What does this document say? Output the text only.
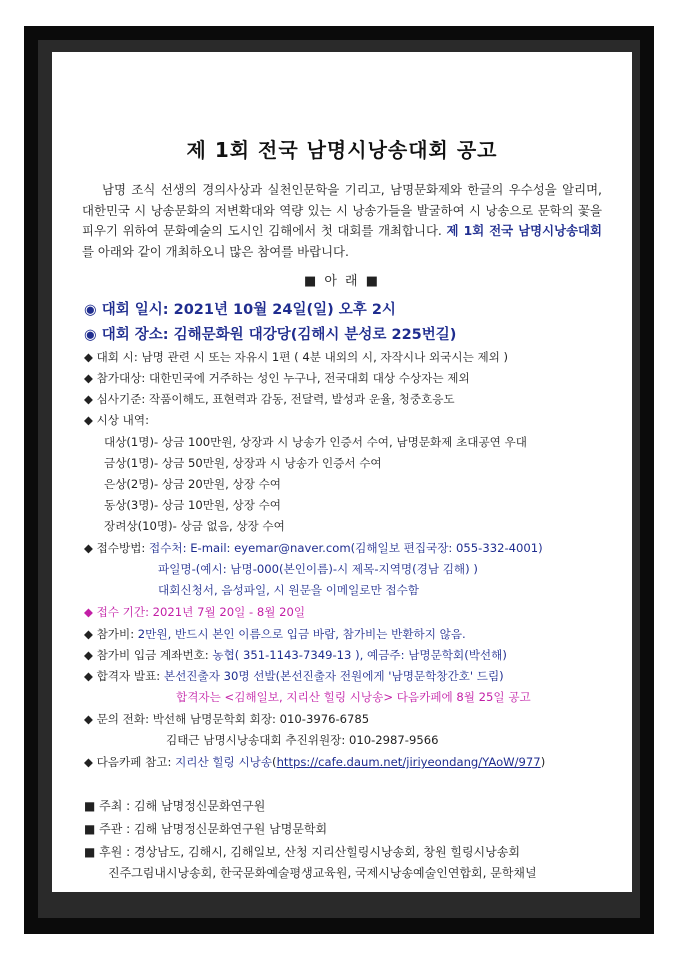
제 1회 전국 남명시낭송대회 공고
남명 조식 선생의 경의사상과 실천인문학을 기리고, 남명문화제와 한글의 우수성을 알리며, 대한민국 시 낭송문화의 저변확대와 역량 있는 시 낭송가들을 발굴하여 시 낭송으로 문학의 꽃을 피우기 위하여 문화예술의 도시인 김해에서 첫 대회를 개최합니다. 제 1회 전국 남명시낭송대회를 아래와 같이 개최하오니 많은 참여를 바랍니다.
■ 아 래 ■
◉ 대회 일시: 2021년 10월 24일(일) 오후 2시
◉ 대회 장소: 김해문화원 대강당(김해시 분성로 225번길)
◆ 대회 시: 남명 관련 시 또는 자유시 1편 ( 4분 내외의 시, 자작시나 외국시는 제외 )
◆ 참가대상: 대한민국에 거주하는 성인 누구나, 전국대회 대상 수상자는 제외
◆ 심사기준: 작품이해도, 표현력과 감동, 전달력, 발성과 운율, 청중호응도
◆ 시상 내역:
대상(1명)- 상금 100만원, 상장과 시 낭송가 인증서 수여, 남명문화제 초대공연 우대
금상(1명)- 상금 50만원, 상장과 시 낭송가 인증서 수여
은상(2명)- 상금 20만원, 상장 수여
동상(3명)- 상금 10만원, 상장 수여
장려상(10명)- 상금 없음, 상장 수여
◆ 접수방법: 접수처: E-mail: eyemar@naver.com(김해일보 편집국장: 055-332-4001)
파일명-(예시: 남명-000(본인이름)-시 제목-지역명(경남 김해) )
대회신청서, 음성파일, 시 원문을 이메일로만 접수함
◆ 접수 기간: 2021년 7월 20일 - 8월 20일
◆ 참가비: 2만원, 반드시 본인 이름으로 입금 바람, 참가비는 반환하지 않음.
◆ 참가비 입금 계좌번호: 농협( 351-1143-7349-13 ), 예금주: 남명문학회(박선해)
◆ 합격자 발표: 본선진출자 30명 선발(본선진출자 전원에게 '남명문학창간호' 드림)
합격자는 <김해일보, 지리산 힐링 시낭송> 다음카페에 8월 25일 공고
◆ 문의 전화: 박선해 남명문학회 회장: 010-3976-6785
김태근 남명시낭송대회 추진위원장: 010-2987-9566
◆ 다음카페 참고: 지리산 힐링 시낭송(https://cafe.daum.net/jiriyeondang/YAoW/977)
■ 주최 : 김해 남명정신문화연구원
■ 주관 : 김해 남명정신문화연구원 남명문학회
■ 후원 : 경상남도, 김해시, 김해일보, 산청 지리산힐링시낭송회, 창원 힐링시낭송회
진주그림내시낭송회, 한국문화예술평생교육원, 국제시낭송예술인연합회, 문학채널
